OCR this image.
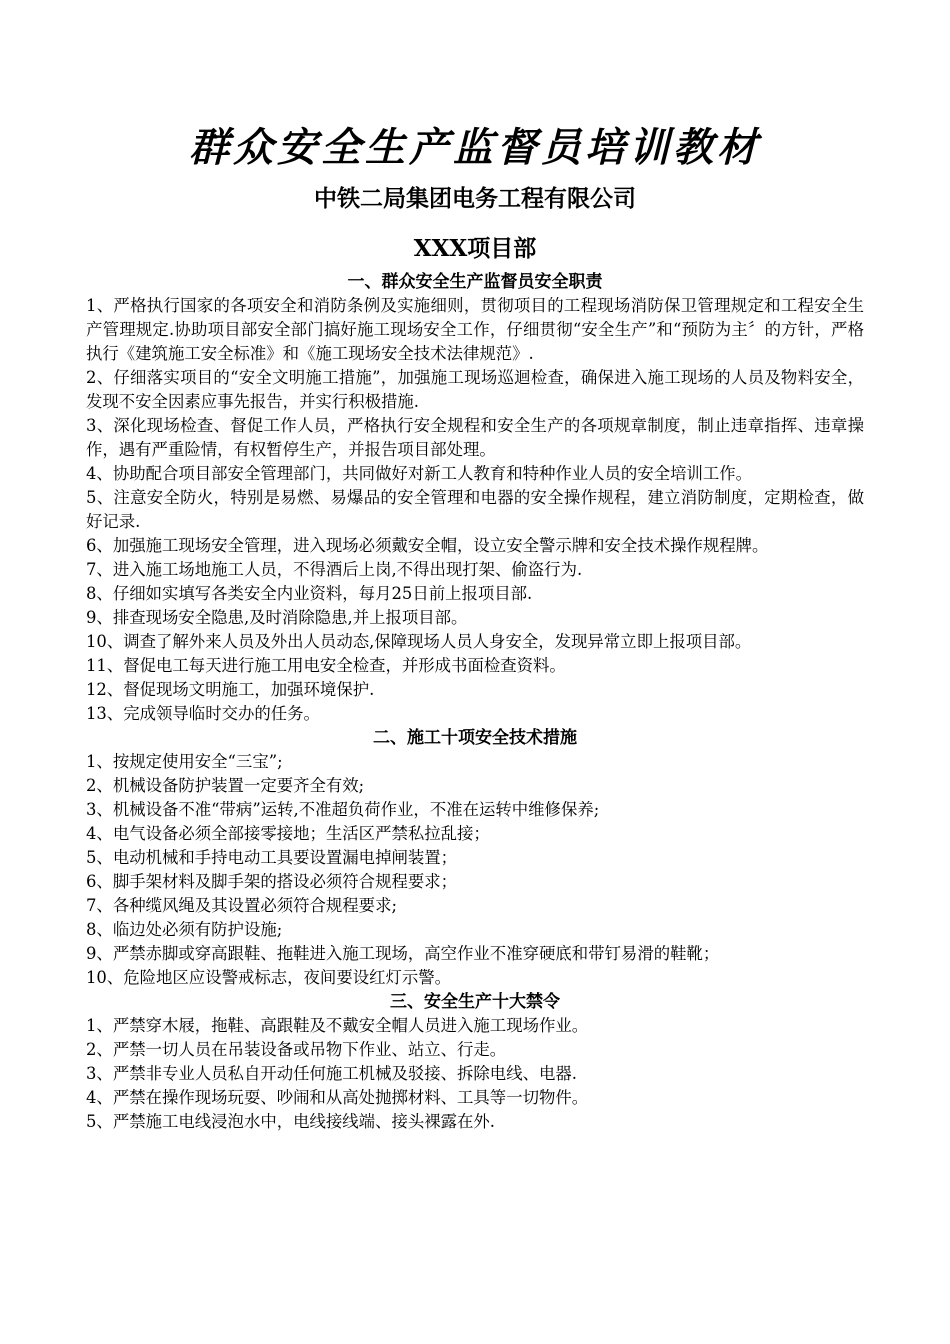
群众安全生产监督员培训教材
中铁二局集团电务工程有限公司
XXX项目部
一、群众安全生产监督员安全职责

1、严格执行国家的各项安全和消防条例及实施细则，贯彻项目的工程现场消防保卫管理规定和工程安全生产管理规定.协助项目部安全部门搞好施工现场安全工作，仔细贯彻“安全生产”和“预防为主〞的方针，严格执行《建筑施工安全标准》和《施工现场安全技术法律规范》.

2、仔细落实项目的“安全文明施工措施”，加强施工现场巡迴检查，确保进入施工现场的人员及物料安全，发现不安全因素应事先报告，并实行积极措施.

3、深化现场检查、督促工作人员，严格执行安全规程和安全生产的各项规章制度，制止违章指挥、违章操作，遇有严重险情，有权暂停生产，并报告项目部处理。

4、协助配合项目部安全管理部门，共同做好对新工人教育和特种作业人员的安全培训工作。

5、注意安全防火，特别是易燃、易爆品的安全管理和电器的安全操作规程，建立消防制度，定期检查，做好记录.

6、加强施工现场安全管理，进入现场必须戴安全帽，设立安全警示牌和安全技术操作规程牌。

7、进入施工场地施工人员，不得酒后上岗,不得出现打架、偷盗行为.

8、仔细如实填写各类安全内业资料，每月25日前上报项目部.

9、排查现场安全隐患,及时消除隐患,并上报项目部。

10、调查了解外来人员及外出人员动态,保障现场人员人身安全，发现异常立即上报项目部。

11、督促电工每天进行施工用电安全检查，并形成书面检查资料。

12、督促现场文明施工，加强环境保护.

13、完成领导临时交办的任务。

二、施工十项安全技术措施

1、按规定使用安全“三宝”;

2、机械设备防护装置一定要齐全有效;

3、机械设备不准“带病”运转,不准超负荷作业，不准在运转中维修保养;

4、电气设备必须全部接零接地；生活区严禁私拉乱接；

5、电动机械和手持电动工具要设置漏电掉闸装置；

6、脚手架材料及脚手架的搭设必须符合规程要求；

7、各种缆风绳及其设置必须符合规程要求;

8、临边处必须有防护设施;

9、严禁赤脚或穿高跟鞋、拖鞋进入施工现场，高空作业不准穿硬底和带钉易滑的鞋靴；

10、危险地区应设警戒标志，夜间要设红灯示警。

三、安全生产十大禁令

1、严禁穿木屐，拖鞋、高跟鞋及不戴安全帽人员进入施工现场作业。

2、严禁一切人员在吊装设备或吊物下作业、站立、行走。

3、严禁非专业人员私自开动任何施工机械及驳接、拆除电线、电器.

4、严禁在操作现场玩耍、吵闹和从高处抛掷材料、工具等一切物件。

5、严禁施工电线浸泡水中，电线接线端、接头裸露在外.
